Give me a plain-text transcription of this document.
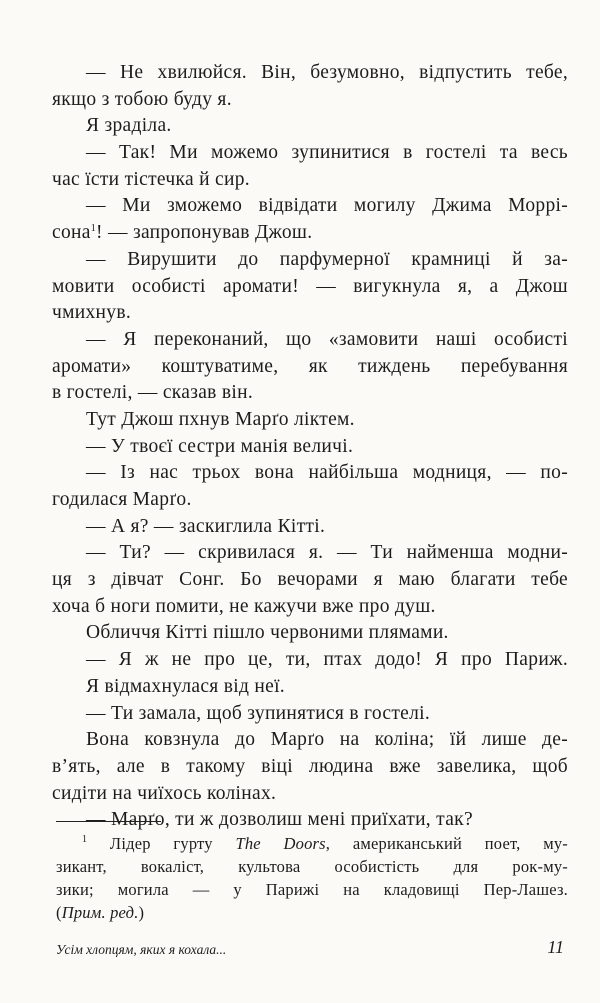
— Не хвилюйся. Він, безумовно, відпустить тебе,
якщо з тобою буду я.
Я зраділа.
— Так! Ми можемо зупинитися в гостелі та весь
час їсти тістечка й сир.
— Ми зможемо відвідати могилу Джима Моррі-
сона$^1$! — запропонував Джош.
— Вирушити до парфумерної крамниці й за-
мовити особисті аромати! — вигукнула я, а Джош
чмихнув.
— Я переконаний, що «замовити наші особисті
аромати» коштуватиме, як тиждень перебування
в гостелі, — сказав він.
Тут Джош пхнув Марґо ліктем.
— У твоєї сестри манія величі.
— Із нас трьох вона найбільша модниця, — по-
годилася Марґо.
— А я? — заскиглила Кітті.
— Ти? — скривилася я. — Ти найменша модни-
ця з дівчат Сонг. Бо вечорами я маю благати тебе
хоча б ноги помити, не кажучи вже про душ.
Обличчя Кітті пішло червоними плямами.
— Я ж не про це, ти, птах додо! Я про Париж.
Я відмахнулася від неї.
— Ти замала, щоб зупинятися в гостелі.
Вона ковзнула до Марґо на коліна; їй лише де-
в’ять, але в такому віці людина вже завелика, щоб
сидіти на чиїхось колінах.
— Марґо, ти ж дозволиш мені приїхати, так?
$^1$ Лідер гурту The Doors, американський поет, му-
зикант, вокаліст, культова особистість для рок-му-
зики; могила — у Парижі на кладовищі Пер-Лашез.
(Прим. ред.)
Усім хлопцям, яких я кохала...	11
